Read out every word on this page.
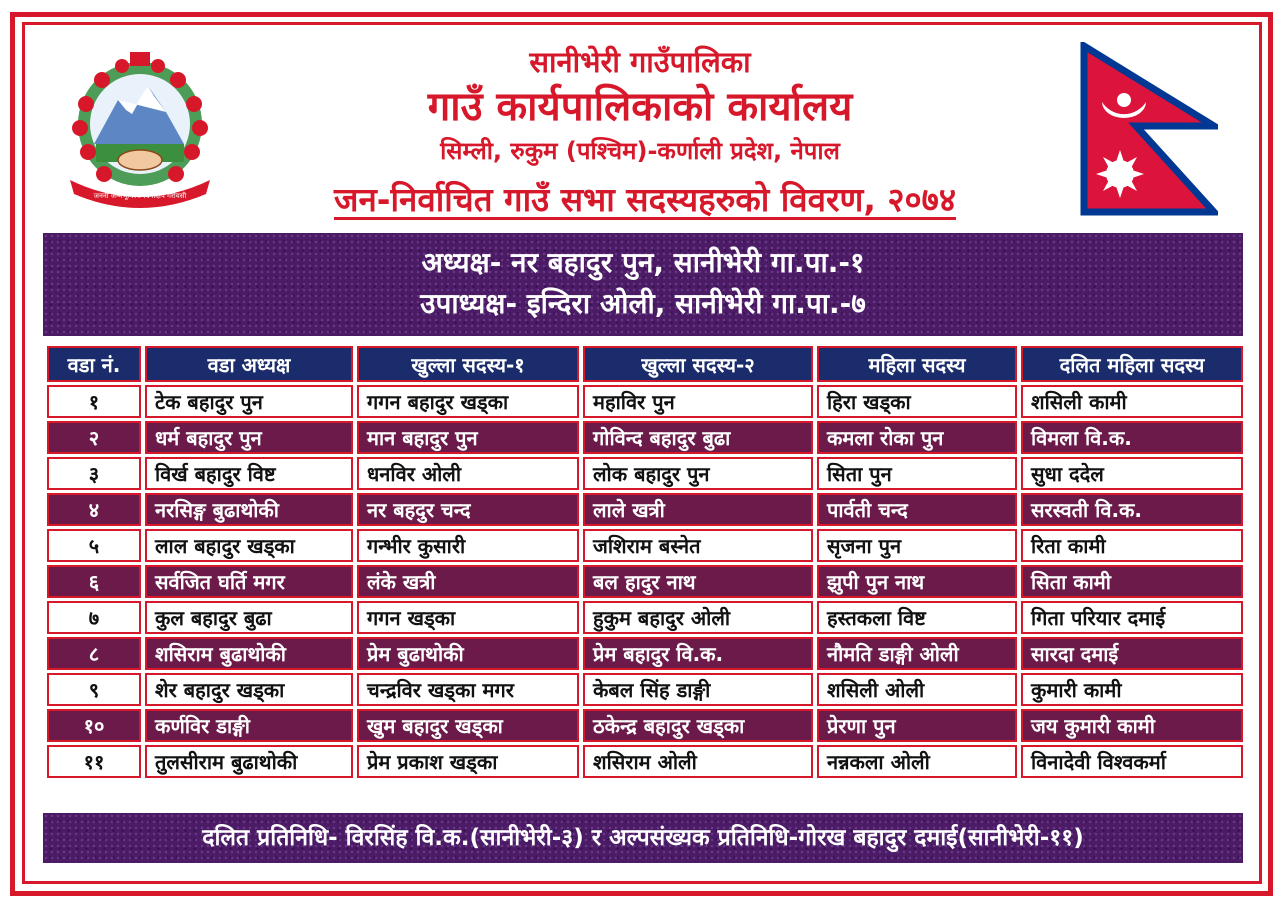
जननी जन्मभूमिश्च स्वर्गादपि गरीयसी
सानीभेरी गाउँपालिका
गाउँ कार्यपालिकाको कार्यालय
सिम्ली, रुकुम (पश्चिम)-कर्णाली प्रदेश, नेपाल
जन-निर्वाचित गाउँ सभा सदस्यहरुको विवरण, २०७४
अध्यक्ष- नर बहादुर पुन, सानीभेरी गा.पा.-१
उपाध्यक्ष- इन्दिरा ओली, सानीभेरी गा.पा.-७
वडा नं.	वडा अध्यक्ष	खुल्ला सदस्य-१	खुल्ला सदस्य-२	महिला सदस्य	दलित महिला सदस्य
१	टेक बहादुर पुन	गगन बहादुर खड्का	महाविर पुन	हिरा खड्का	शसिली कामी
२	धर्म बहादुर पुन	मान बहादुर पुन	गोविन्द बहादुर बुढा	कमला रोका पुन	विमला वि.क.
३	विर्ख बहादुर विष्ट	धनविर ओली	लोक बहादुर पुन	सिता पुन	सुधा ददेल
४	नरसिङ्ग बुढाथोकी	नर बहदुर चन्द	लाले खत्री	पार्वती चन्द	सरस्वती वि.क.
५	लाल बहादुर खड्का	गन्भीर कुसारी	जशिराम बस्नेत	सृजना पुन	रिता कामी
६	सर्वजित घर्ति मगर	लंके खत्री	बल हादुर नाथ	झुपी पुन नाथ	सिता कामी
७	कुल बहादुर बुढा	गगन खड्का	हुकुम बहादुर ओली	हस्तकला विष्ट	गिता परियार दमाई
८	शसिराम बुढाथोकी	प्रेम बुढाथोकी	प्रेम बहादुर वि.क.	नौमति डाङ्गी ओली	सारदा दमाई
९	शेर बहादुर खड्का	चन्द्रविर खड्का मगर	केबल सिंह डाङ्गी	शसिली ओली	कुमारी कामी
१०	कर्णविर डाङ्गी	खुम बहादुर खड्का	ठकेन्द्र बहादुर खड्का	प्रेरणा पुन	जय कुमारी कामी
११	तुलसीराम बुढाथोकी	प्रेम प्रकाश खड्का	शसिराम ओली	नन्नकला ओली	विनादेवी विश्वकर्मा
दलित प्रतिनिधि- विरसिंह वि.क.(सानीभेरी-३) र अल्पसंख्यक प्रतिनिधि-गोरख बहादुर दमाई(सानीभेरी-११)
